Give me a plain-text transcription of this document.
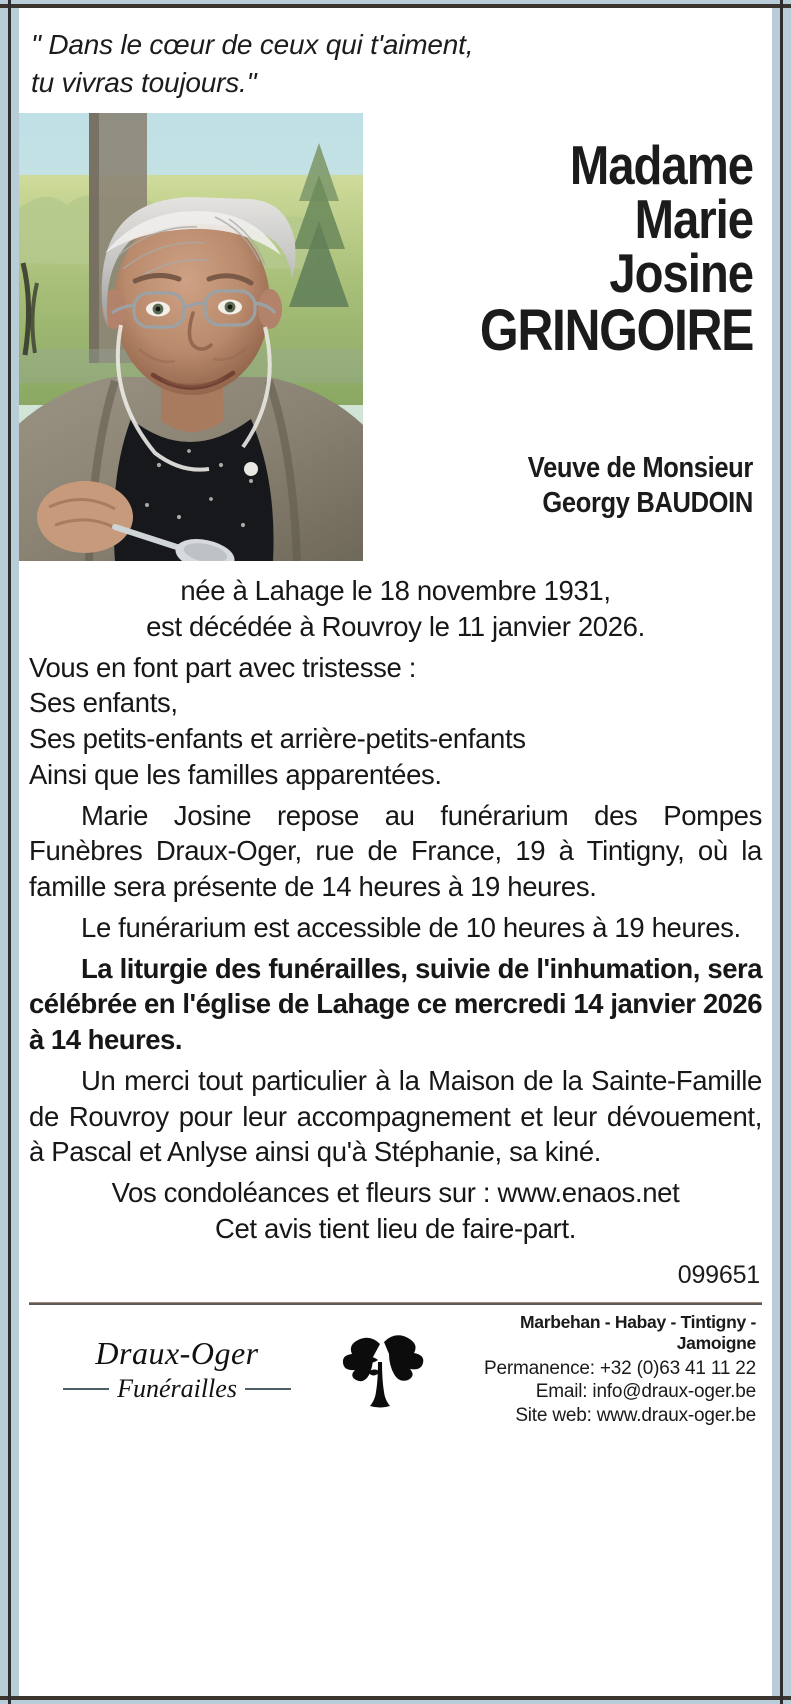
" Dans le cœur de ceux qui t'aiment,
tu vivras toujours."
Madame
Marie
Josine
GRINGOIRE
Veuve de Monsieur
Georgy BAUDOIN

née à Lahage le 18 novembre 1931,

est décédée à Rouvroy le 11 janvier 2026.

Vous en font part avec tristesse :

Ses enfants,

Ses petits-enfants et arrière-petits-enfants

Ainsi que les familles apparentées.

Marie Josine repose au funérarium des Pompes Funèbres Draux-Oger, rue de France, 19 à Tintigny, où la famille sera présente de 14 heures à 19 heures.

Le funérarium est accessible de 10 heures à 19 heures.

La liturgie des funérailles, suivie de l'inhumation, sera célébrée en l'église de Lahage ce mercredi 14 janvier 2026 à 14 heures.

Un merci tout particulier à la Maison de la Sainte-Famille de Rouvroy pour leur accompagnement et leur dévouement, à Pascal et Anlyse ainsi qu'à Stéphanie, sa kiné.

Vos condoléances et fleurs sur : www.enaos.net

Cet avis tient lieu de faire-part.

099651
Draux-Oger
Funérailles
Marbehan - Habay - Tintigny - Jamoigne
Permanence: +32 (0)63 41 11 22
Email: info@draux-oger.be
Site web: www.draux-oger.be
